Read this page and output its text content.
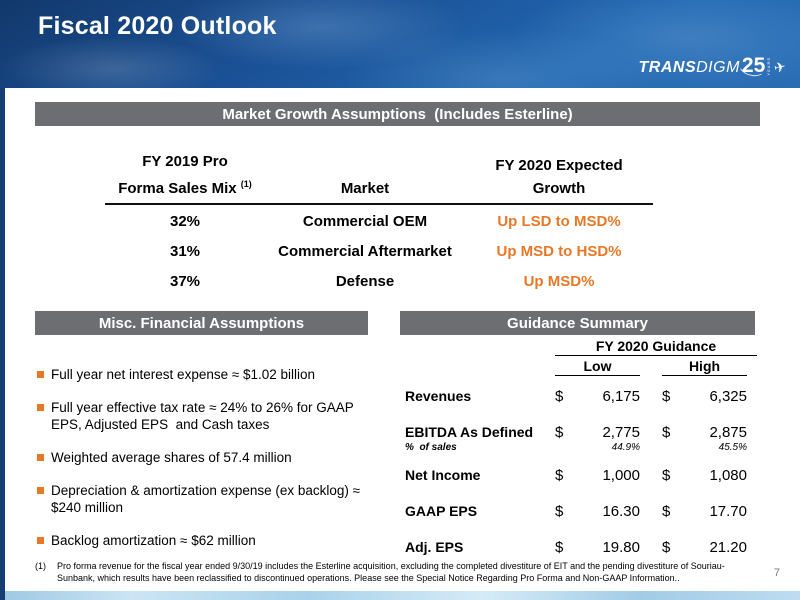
Fiscal 2020 Outlook
TRANS DIGM 25 YEARS ✈
Market Growth Assumptions  (Includes Esterline)
Misc. Financial Assumptions	Guidance Summary
FY 2019 Pro
Forma Sales Mix $^{(1)}$	Market
FY 2020 Expected
Growth
32%	Commercial OEM	Up LSD to MSD%
31%	Commercial Aftermarket	Up MSD to HSD%
37%	Defense	Up MSD%
Full year net interest expense ≈ $1.02 billion
Full year effective tax rate ≈ 24% to 26% for GAAP EPS, Adjusted EPS  and Cash taxes
Weighted average shares of 57.4 million
Depreciation & amortization expense (ex backlog) ≈ $240 million
Backlog amortization ≈ $62 million
FY 2020 Guidance
Low	High
Revenues	$	6,175 $	6,325
EBITDA As Defined	$	2,775 $	2,875
%  of sales	44.9%	45.5%
Net Income	$	1,000 $	1,080
GAAP EPS	$	16.30 $	17.70
Adj. EPS	$	19.80 $	21.20
(1)	Pro forma revenue for the fiscal year ended 9/30/19 includes the Esterline acquisition, excluding the completed divestiture of EIT and the pending divestiture of Souriau-Sunbank, which results have been reclassified to discontinued operations. Please see the Special Notice Regarding Pro Forma and Non-GAAP Information..	7
